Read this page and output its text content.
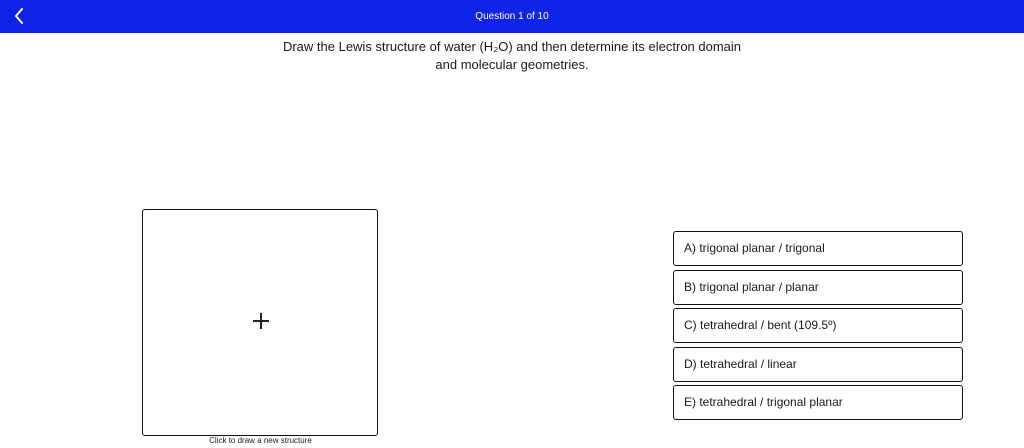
Question 1 of 10
Draw the Lewis structure of water (H₂O) and then determine its electron domain
and molecular geometries.
Click to draw a new structure
A) trigonal planar / trigonal
B) trigonal planar / planar
C) tetrahedral / bent (109.5º)
D) tetrahedral / linear
E) tetrahedral / trigonal planar
